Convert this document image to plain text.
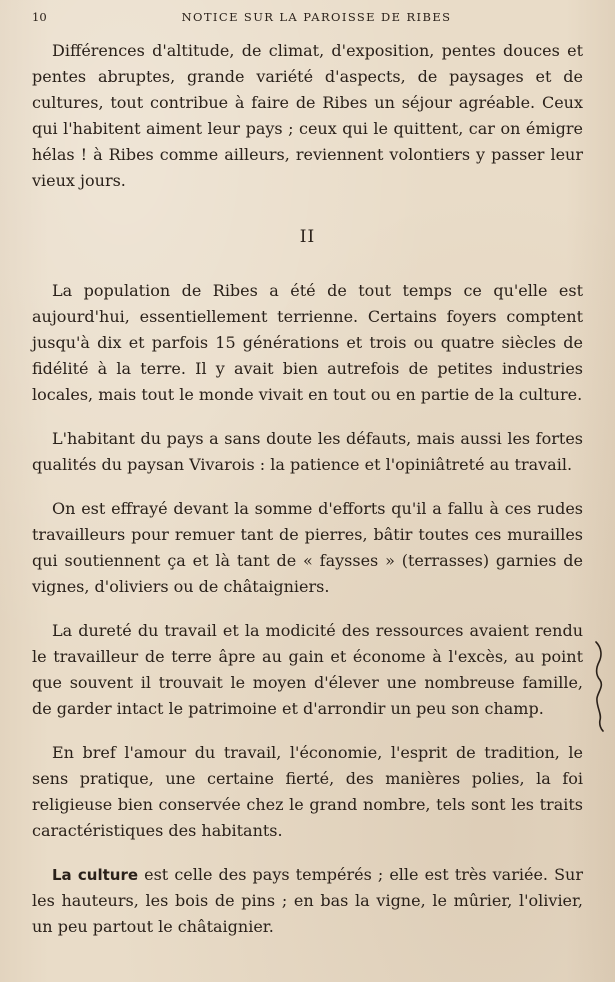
10	NOTICE SUR LA PAROISSE DE RIBES

Différences d'altitude, de climat, d'exposition, pentes douces et pentes abruptes, grande variété d'aspects, de paysages et de cultures, tout contribue à faire de Ribes un séjour agréable. Ceux qui l'habitent aiment leur pays ; ceux qui le quittent, car on émigre hélas ! à Ribes comme ailleurs, reviennent volontiers y passer leur vieux jours.

II

La population de Ribes a été de tout temps ce qu'elle est aujourd'hui, essentiellement terrienne. Certains foyers comptent jusqu'à dix et parfois 15 générations et trois ou quatre siècles de fidélité à la terre. Il y avait bien autrefois de petites industries locales, mais tout le monde vivait en tout ou en partie de la culture.

L'habitant du pays a sans doute les défauts, mais aussi les fortes qualités du paysan Vivarois : la patience et l'opiniâtreté au travail.

On est effrayé devant la somme d'efforts qu'il a fallu à ces rudes travailleurs pour remuer tant de pierres, bâtir toutes ces murailles qui soutiennent ça et là tant de « faysses » (terrasses) garnies de vignes, d'oliviers ou de châtaigniers.

La dureté du travail et la modicité des ressources avaient rendu le travailleur de terre âpre au gain et économe à l'excès, au point que souvent il trouvait le moyen d'élever une nombreuse famille, de garder intact le patrimoine et d'arrondir un peu son champ.

En bref l'amour du travail, l'économie, l'esprit de tradition, le sens pratique, une certaine fierté, des manières polies, la foi religieuse bien conservée chez le grand nombre, tels sont les traits caractéristiques des habitants.

La culture est celle des pays tempérés ; elle est très variée. Sur les hauteurs, les bois de pins ; en bas la vigne, le mûrier, l'olivier, un peu partout le châtaignier.
